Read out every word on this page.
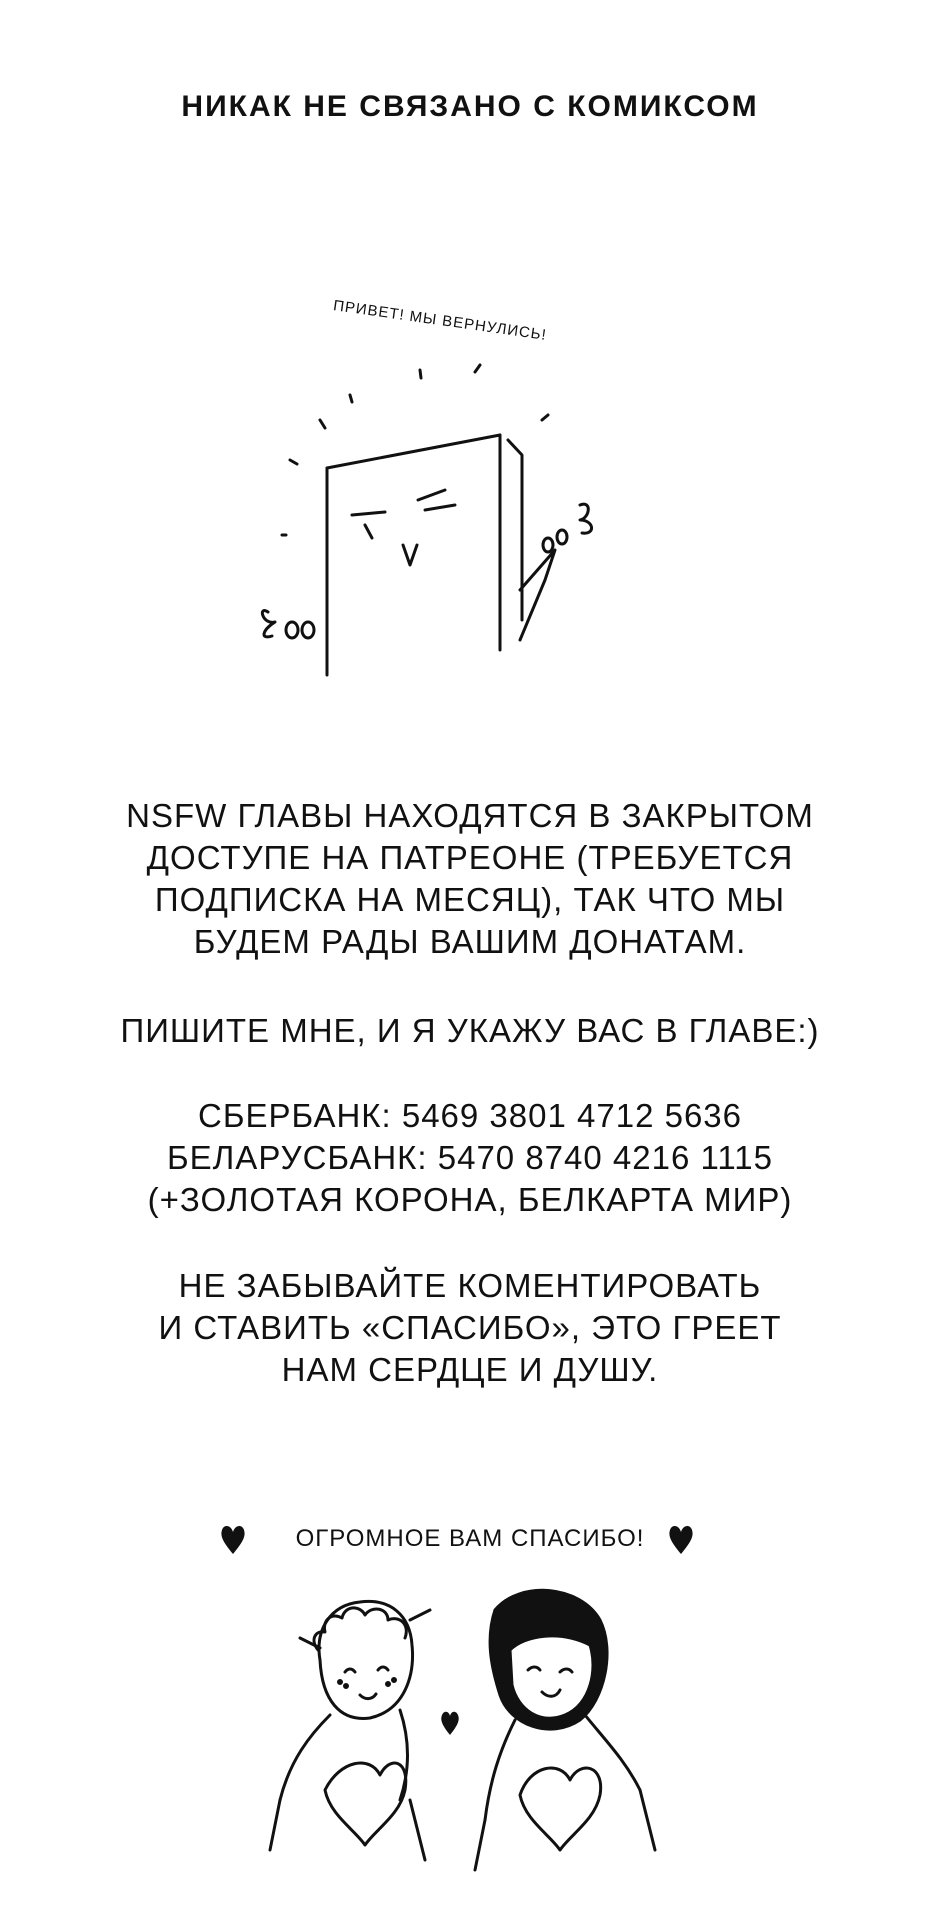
НИКАК НЕ СВЯЗАНО С КОМИКСОМ
ПРИВЕТ! МЫ ВЕРНУЛИСЬ!
NSFW ГЛАВЫ НАХОДЯТСЯ В ЗАКРЫТОМ
ДОСТУПЕ НА ПАТРЕОНЕ (ТРЕБУЕТСЯ
ПОДПИСКА НА МЕСЯЦ), ТАК ЧТО МЫ
БУДЕМ РАДЫ ВАШИМ ДОНАТАМ.
ПИШИТЕ МНЕ, И Я УКАЖУ ВАС В ГЛАВЕ:)
СБЕРБАНК: 5469 3801 4712 5636
БЕЛАРУСБАНК: 5470 8740 4216 1115
(+ЗОЛОТАЯ КОРОНА, БЕЛКАРТА МИР)
НЕ ЗАБЫВАЙТЕ КОМЕНТИРОВАТЬ
И СТАВИТЬ «СПАСИБО», ЭТО ГРЕЕТ
НАМ СЕРДЦЕ И ДУШУ.
ОГРОМНОЕ ВАМ СПАСИБО!
